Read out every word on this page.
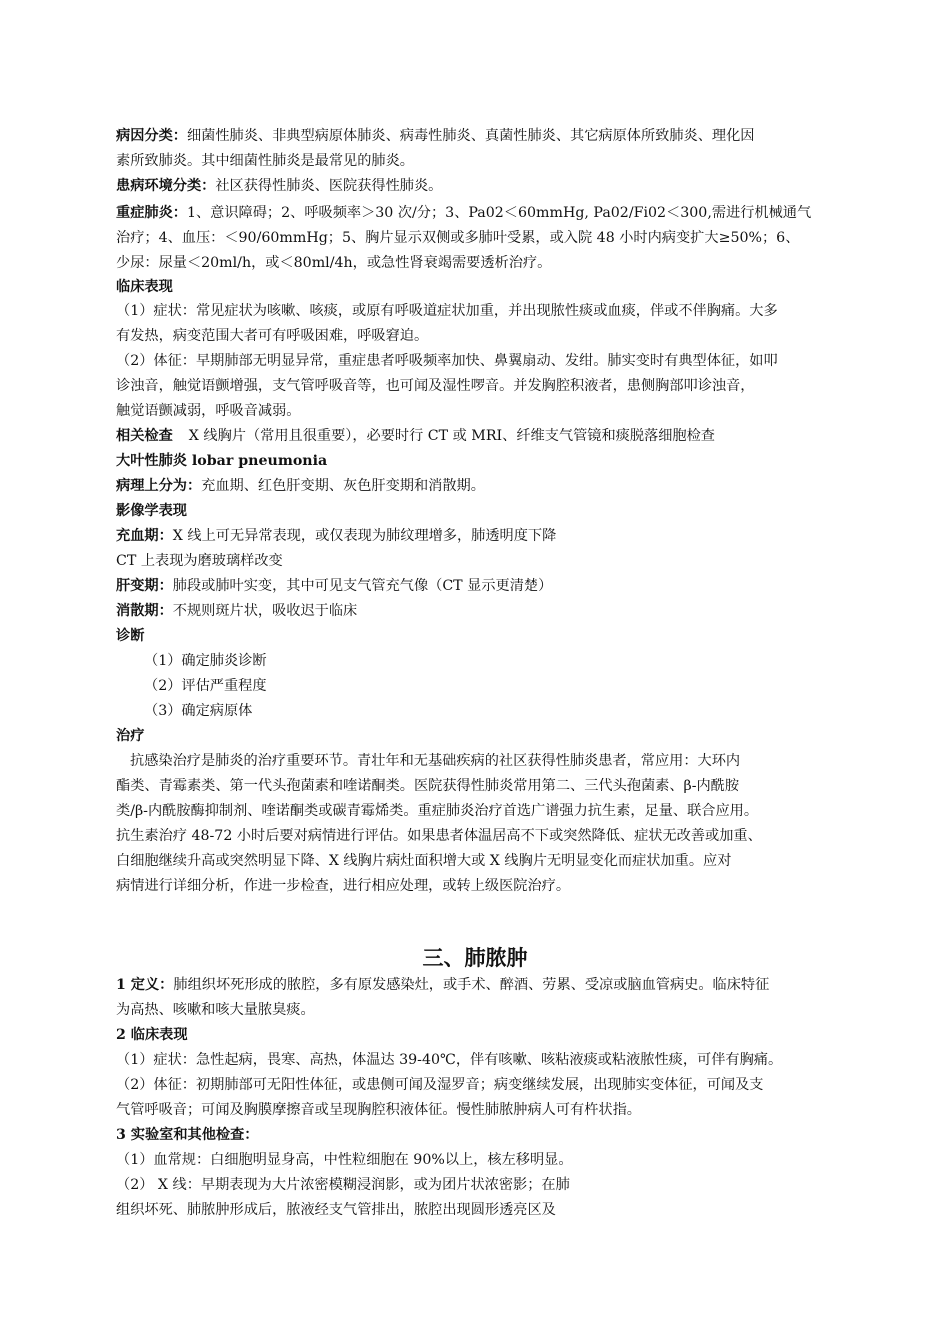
病因分类：细菌性肺炎、非典型病原体肺炎、病毒性肺炎、真菌性肺炎、其它病原体所致肺炎、理化因
素所致肺炎。其中细菌性肺炎是最常见的肺炎。
患病环境分类：社区获得性肺炎、医院获得性肺炎。
重症肺炎：1、意识障碍；2、呼吸频率＞30 次/分；3、Pa02＜60mmHg, Pa02/Fi02＜300,需进行机械通气
治疗；4、血压：＜90/60mmHg；5、胸片显示双侧或多肺叶受累，或入院 48 小时内病变扩大≥50%；6、
少尿：尿量＜20ml/h，或＜80ml/4h，或急性肾衰竭需要透析治疗。
临床表现
（1）症状：常见症状为咳嗽、咳痰，或原有呼吸道症状加重，并出现脓性痰或血痰，伴或不伴胸痛。大多
有发热，病变范围大者可有呼吸困难，呼吸窘迫。
（2）体征：早期肺部无明显异常，重症患者呼吸频率加快、鼻翼扇动、发绀。肺实变时有典型体征，如叩
诊浊音，触觉语颤增强，支气管呼吸音等，也可闻及湿性啰音。并发胸腔积液者，患侧胸部叩诊浊音，
触觉语颤减弱，呼吸音减弱。
相关检查 X 线胸片（常用且很重要），必要时行 CT 或 MRI、纤维支气管镜和痰脱落细胞检查
大叶性肺炎 lobar pneumonia
病理上分为：充血期、红色肝变期、灰色肝变期和消散期。
影像学表现
充血期：X 线上可无异常表现，或仅表现为肺纹理增多，肺透明度下降
CT 上表现为磨玻璃样改变
肝变期：肺段或肺叶实变，其中可见支气管充气像（CT 显示更清楚）
消散期：不规则斑片状，吸收迟于临床
诊断
（1）确定肺炎诊断
（2）评估严重程度
（3）确定病原体
治疗
抗感染治疗是肺炎的治疗重要环节。青壮年和无基础疾病的社区获得性肺炎患者，常应用：大环内
酯类、青霉素类、第一代头孢菌素和喹诺酮类。医院获得性肺炎常用第二、三代头孢菌素、β-内酰胺
类/β-内酰胺酶抑制剂、喹诺酮类或碳青霉烯类。重症肺炎治疗首选广谱强力抗生素，足量、联合应用。
抗生素治疗 48-72 小时后要对病情进行评估。如果患者体温居高不下或突然降低、症状无改善或加重、
白细胞继续升高或突然明显下降、X 线胸片病灶面积增大或 X 线胸片无明显变化而症状加重。应对
病情进行详细分析，作进一步检查，进行相应处理，或转上级医院治疗。
三、肺脓肿
1 定义：肺组织坏死形成的脓腔，多有原发感染灶，或手术、醉酒、劳累、受凉或脑血管病史。临床特征
为高热、咳嗽和咳大量脓臭痰。
2 临床表现
（1）症状：急性起病，畏寒、高热，体温达 39-40℃，伴有咳嗽、咳粘液痰或粘液脓性痰，可伴有胸痛。
（2）体征：初期肺部可无阳性体征，或患侧可闻及湿罗音；病变继续发展，出现肺实变体征，可闻及支
气管呼吸音；可闻及胸膜摩擦音或呈现胸腔积液体征。慢性肺脓肿病人可有杵状指。
3 实验室和其他检查：
（1）血常规：白细胞明显身高，中性粒细胞在 90%以上，核左移明显。
（2） X 线：早期表现为大片浓密模糊浸润影，或为团片状浓密影；在肺
组织坏死、肺脓肿形成后，脓液经支气管排出，脓腔出现圆形透亮区及
